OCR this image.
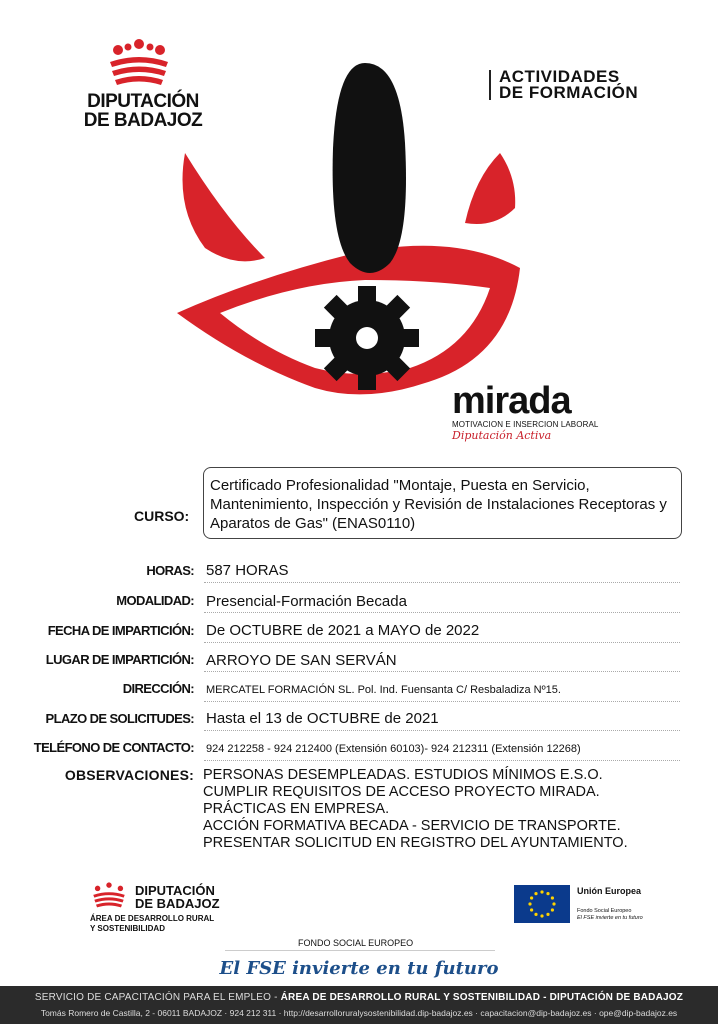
DIPUTACIÓN
DE BADAJOZ
ACTIVIDADES
DE FORMACIÓN
mirada
MOTIVACION E INSERCION LABORAL
Diputación Activa
CURSO:
Certificado Profesionalidad "Montaje, Puesta en Servicio, Mantenimiento, Inspección y Revisión de Instalaciones Receptoras y Aparatos de Gas" (ENAS0110)
HORAS: 587 HORAS
MODALIDAD: Presencial-Formación Becada
FECHA DE IMPARTICIÓN: De OCTUBRE de 2021 a MAYO de 2022
LUGAR DE IMPARTICIÓN: ARROYO DE SAN SERVÁN
DIRECCIÓN: MERCATEL FORMACIÓN SL. Pol. Ind. Fuensanta C/ Resbaladiza Nº15.
PLAZO DE SOLICITUDES: Hasta el 13 de OCTUBRE de 2021
TELÉFONO DE CONTACTO: 924 212258 - 924 212400 (Extensión 60103)- 924 212311 (Extensión 12268)
OBSERVACIONES: PERSONAS DESEMPLEADAS. ESTUDIOS MÍNIMOS E.S.O.
CUMPLIR REQUISITOS DE ACCESO PROYECTO MIRADA.
PRÁCTICAS EN EMPRESA.
ACCIÓN FORMATIVA BECADA - SERVICIO DE TRANSPORTE.
PRESENTAR SOLICITUD EN REGISTRO DEL AYUNTAMIENTO.
DIPUTACIÓN
DE BADAJOZ
ÁREA DE DESARROLLO RURAL
Y SOSTENIBILIDAD
Unión Europea
Fondo Social Europeo
El FSE invierte en tu futuro
FONDO SOCIAL EUROPEO
El FSE invierte en tu futuro
SERVICIO DE CAPACITACIÓN PARA EL EMPLEO - ÁREA DE DESARROLLO RURAL Y SOSTENIBILIDAD - DIPUTACIÓN DE BADAJOZ
Tomás Romero de Castilla, 2 - 06011 BADAJOZ · 924 212 311 · http://desarrolloruralysostenibilidad.dip-badajoz.es · capacitacion@dip-badajoz.es · ope@dip-badajoz.es
